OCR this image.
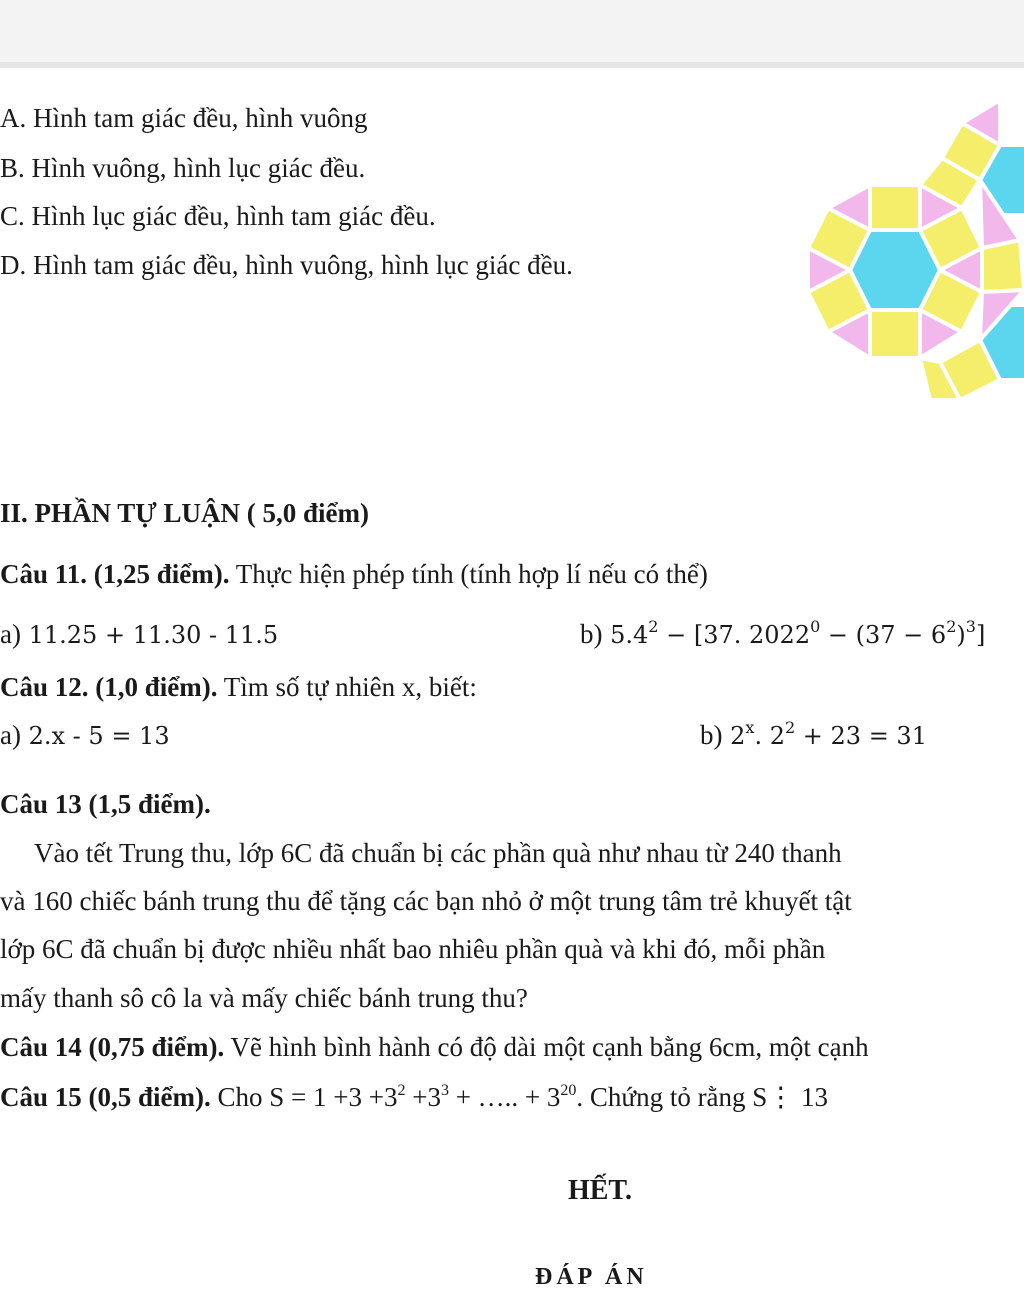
A. Hình tam giác đều, hình vuông
B. Hình vuông, hình lục giác đều.
C. Hình lục giác đều, hình tam giác đều.
D. Hình tam giác đều, hình vuông, hình lục giác đều.
II. PHẦN TỰ LUẬN ( 5,0 điểm)
Câu 11. (1,25 điểm). Thực hiện phép tính (tính hợp lí nếu có thể)
a) 11.25 + 11.30 - 11.5	b) $5.4^2 - [37$. $2022^0 - (37 - 6^2)^3$]
Câu 12. (1,0 điểm). Tìm số tự nhiên x, biết:
a) 2.x - 5 = 13	b) 2$^x$. $2^2 + 23 = 31$
Câu 13 (1,5 điểm).
Vào tết Trung thu, lớp 6C đã chuẩn bị các phần quà như nhau từ 240 thanh
và 160 chiếc bánh trung thu để tặng các bạn nhỏ ở một trung tâm trẻ khuyết tật
lớp 6C đã chuẩn bị được nhiều nhất bao nhiêu phần quà và khi đó, mỗi phần
mấy thanh sô cô la và mấy chiếc bánh trung thu?
Câu 14 (0,75 điểm). Vẽ hình bình hành có độ dài một cạnh bằng 6cm, một cạnh
Câu 15 (0,5 điểm). Cho $S = 1 +3 +3^2 +3^3$ + ….. + $3^{20}$. Chứng tỏ rằng S⋮ 13
HẾT.
ĐÁP ÁN
